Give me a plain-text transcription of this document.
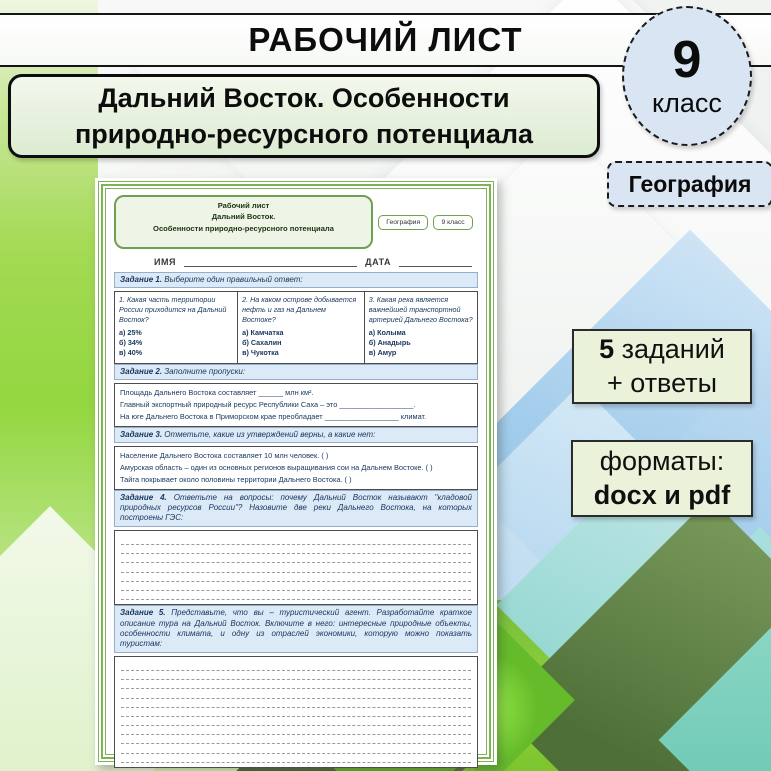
РАБОЧИЙ ЛИСТ	9
класс
Дальний Восток. Особенности
природно-ресурсного потенциала
География
5 заданий
+ ответы
форматы:
docx и pdf
Рабочий лист
Дальний Восток.
Особенности природно-ресурсного потенциала
География	9 класс
ИМЯ	ДАТА
Задание 1. Выберите один правильный ответ:
1. Какая часть территории России приходится на Дальний Восток?
а) 25%
б) 34%
в) 40%
2. На каком острове добывается нефть и газ на Дальнем Востоке?
а) Камчатка
б) Сахалин
в) Чукотка
3. Какая река является важнейшей транспортной артерией Дальнего Востока?
а) Колыма
б) Анадырь
в) Амур
Задание 2. Заполните пропуски:
Площадь Дальнего Востока составляет ______ млн км².
Главный экспортный природный ресурс Республики Саха – это __________________.
На юге Дальнего Востока в Приморском крае преобладает __________________ климат.
Задание 3. Отметьте, какие из утверждений верны, а какие нет:
Население Дальнего Востока составляет 10 млн человек. ( )
Амурская область – один из основных регионов выращивания сои на Дальнем Востоке. ( )
Тайга покрывает около половины территории Дальнего Востока. ( )
Задание 4. Ответьте на вопросы: почему Дальний Восток называют "кладовой природных ресурсов России"? Назовите две реки Дальнего Востока, на которых построены ГЭС:
Задание 5. Представьте, что вы – туристический агент. Разработайте краткое описание тура на Дальний Восток. Включите в него: интересные природные объекты, особенности климата, и одну из отраслей экономики, которую можно показать туристам:
